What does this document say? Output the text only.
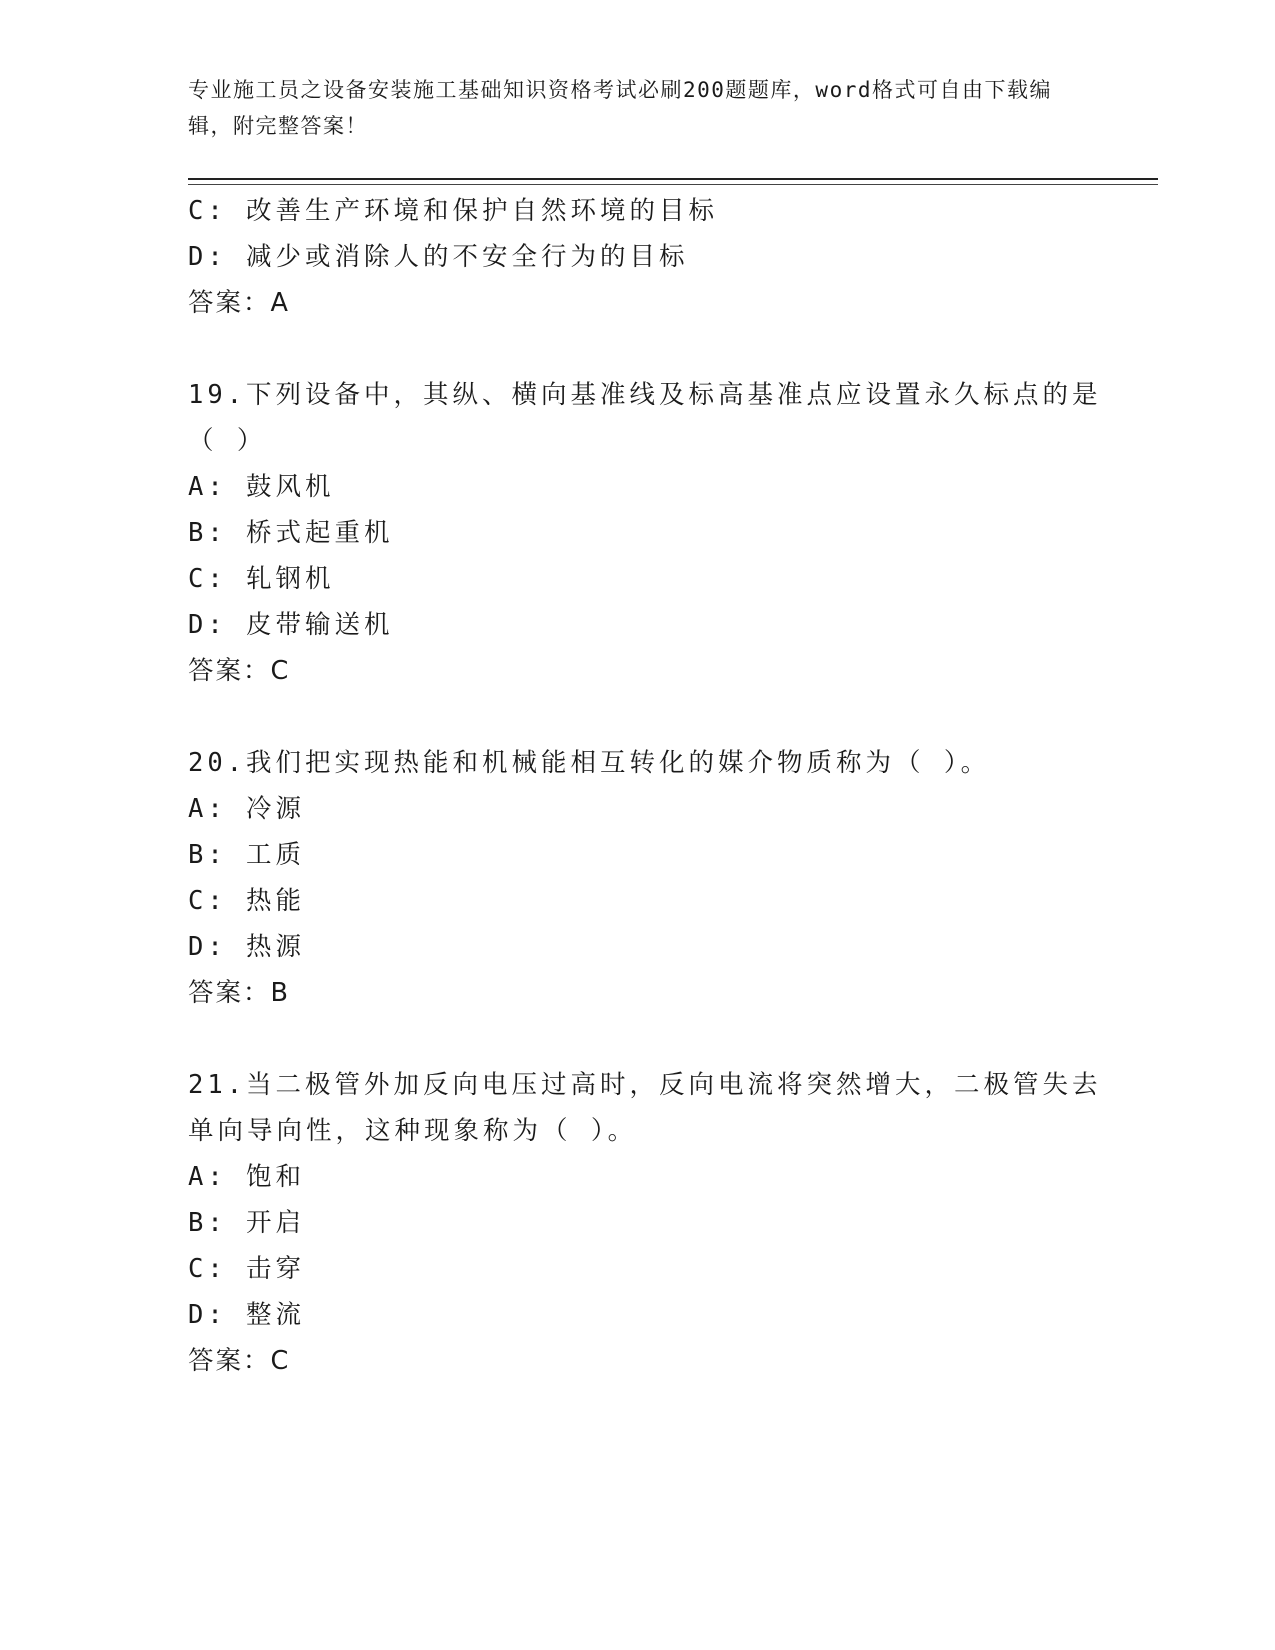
专业施工员之设备安装施工基础知识资格考试必刷200题题库，word格式可自由下载编辑，附完整答案！
C: 改善生产环境和保护自然环境的目标
D: 减少或消除人的不安全行为的目标
答案：A
19.下列设备中，其纵、横向基准线及标高基准点应设置永久标点的是
（ ）
A: 鼓风机
B: 桥式起重机
C: 轧钢机
D: 皮带输送机
答案：C
20.我们把实现热能和机械能相互转化的媒介物质称为（ ）。
A: 冷源
B: 工质
C: 热能
D: 热源
答案：B
21.当二极管外加反向电压过高时，反向电流将突然增大，二极管失去
单向导向性，这种现象称为（ ）。
A: 饱和
B: 开启
C: 击穿
D: 整流
答案：C
